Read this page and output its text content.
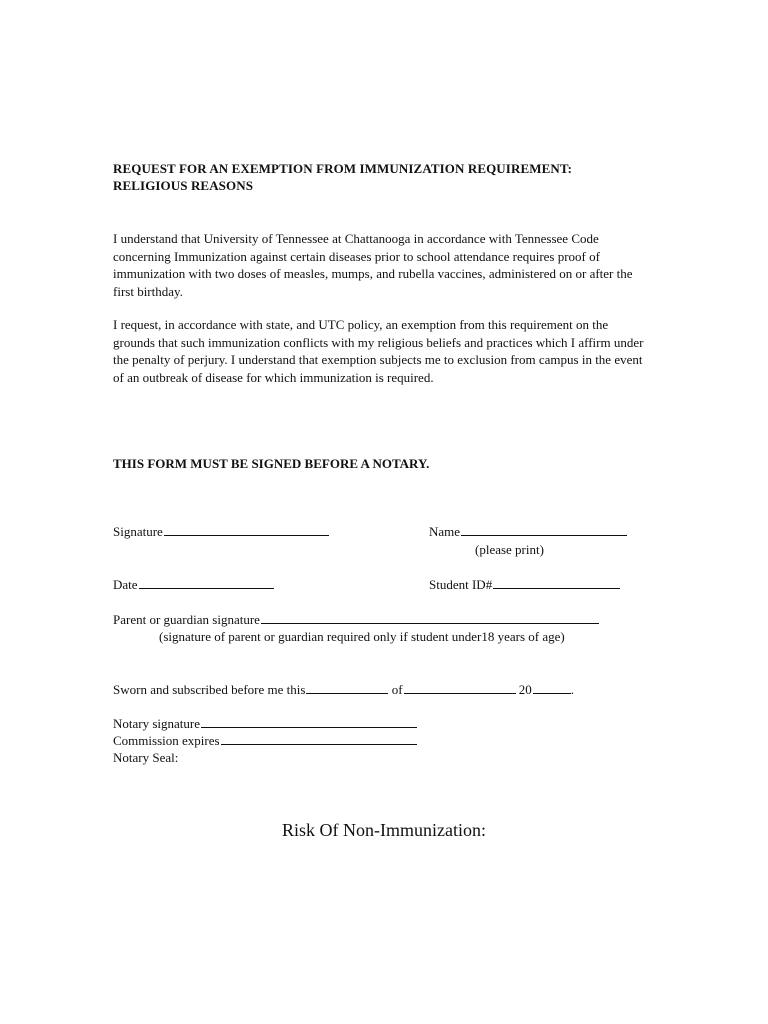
REQUEST FOR AN EXEMPTION FROM IMMUNIZATION REQUIREMENT:
RELIGIOUS REASONS
I understand that University of Tennessee at Chattanooga in accordance with Tennessee Code concerning Immunization against certain diseases prior to school attendance requires proof of immunization with two doses of measles, mumps, and rubella vaccines, administered on or after the first birthday.
I request, in accordance with state, and UTC policy, an exemption from this requirement on the grounds that such immunization conflicts with my religious beliefs and practices which I affirm under the penalty of perjury. I understand that exemption subjects me to exclusion from campus in the event of an outbreak of disease for which immunization is required.
THIS FORM MUST BE SIGNED BEFORE A NOTARY.
Signature	Name
(please print)
Date	Student ID#
Parent or guardian signature
(signature of parent or guardian required only if student under18 years of age)
Sworn and subscribed before me this	of	20	.
Notary signature
Commission expires
Notary Seal:
Risk Of Non-Immunization:
